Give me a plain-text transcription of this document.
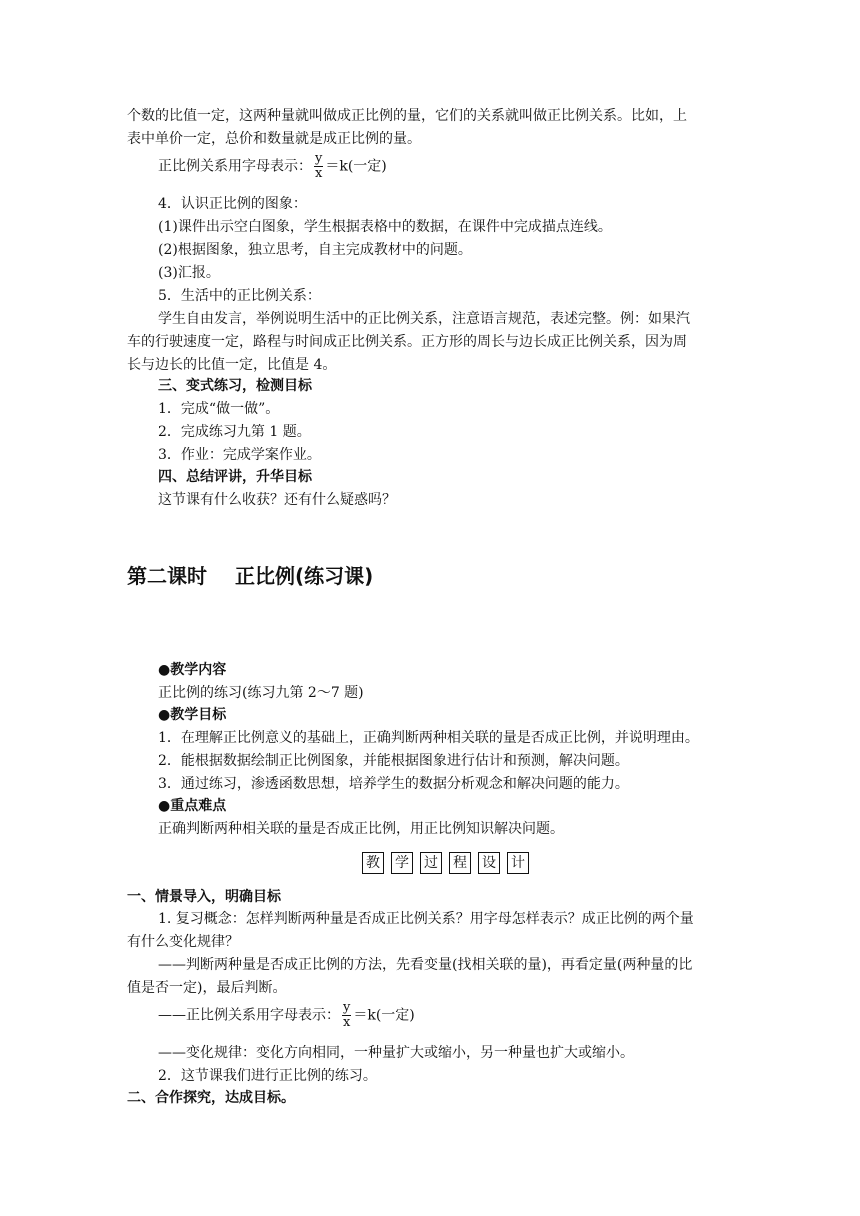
个数的比值一定，这两种量就叫做成正比例的量，它们的关系就叫做正比例关系。比如，上
表中单价一定，总价和数量就是成正比例的量。
正比例关系用字母表示： $\frac{y}{x} =k$(一定)
4．认识正比例的图象：
(1)课件出示空白图象，学生根据表格中的数据，在课件中完成描点连线。
(2)根据图象，独立思考，自主完成教材中的问题。
(3)汇报。
5．生活中的正比例关系：
学生自由发言，举例说明生活中的正比例关系，注意语言规范，表述完整。例：如果汽
车的行驶速度一定，路程与时间成正比例关系。正方形的周长与边长成正比例关系，因为周
长与边长的比值一定，比值是 4。
三、变式练习，检测目标
1．完成“做一做”。
2．完成练习九第 1 题。
3．作业：完成学案作业。
四、总结评讲，升华目标
这节课有什么收获？还有什么疑惑吗？
第二课时 正比例(练习课)
●教学内容
正比例的练习(练习九第 2～7 题)
●教学目标
1．在理解正比例意义的基础上，正确判断两种相关联的量是否成正比例，并说明理由。
2．能根据数据绘制正比例图象，并能根据图象进行估计和预测，解决问题。
3．通过练习，渗透函数思想，培养学生的数据分析观念和解决问题的能力。
●重点难点
正确判断两种相关联的量是否成正比例，用正比例知识解决问题。
教 学 过 程 设 计
一、情景导入，明确目标
1. 复习概念：怎样判断两种量是否成正比例关系？用字母怎样表示？成正比例的两个量
有什么变化规律？
——判断两种量是否成正比例的方法，先看变量(找相关联的量)，再看定量(两种量的比
值是否一定)，最后判断。
——正比例关系用字母表示： $\frac{y}{x} =k$(一定)
——变化规律：变化方向相同，一种量扩大或缩小，另一种量也扩大或缩小。
2．这节课我们进行正比例的练习。
二、合作探究，达成目标。
